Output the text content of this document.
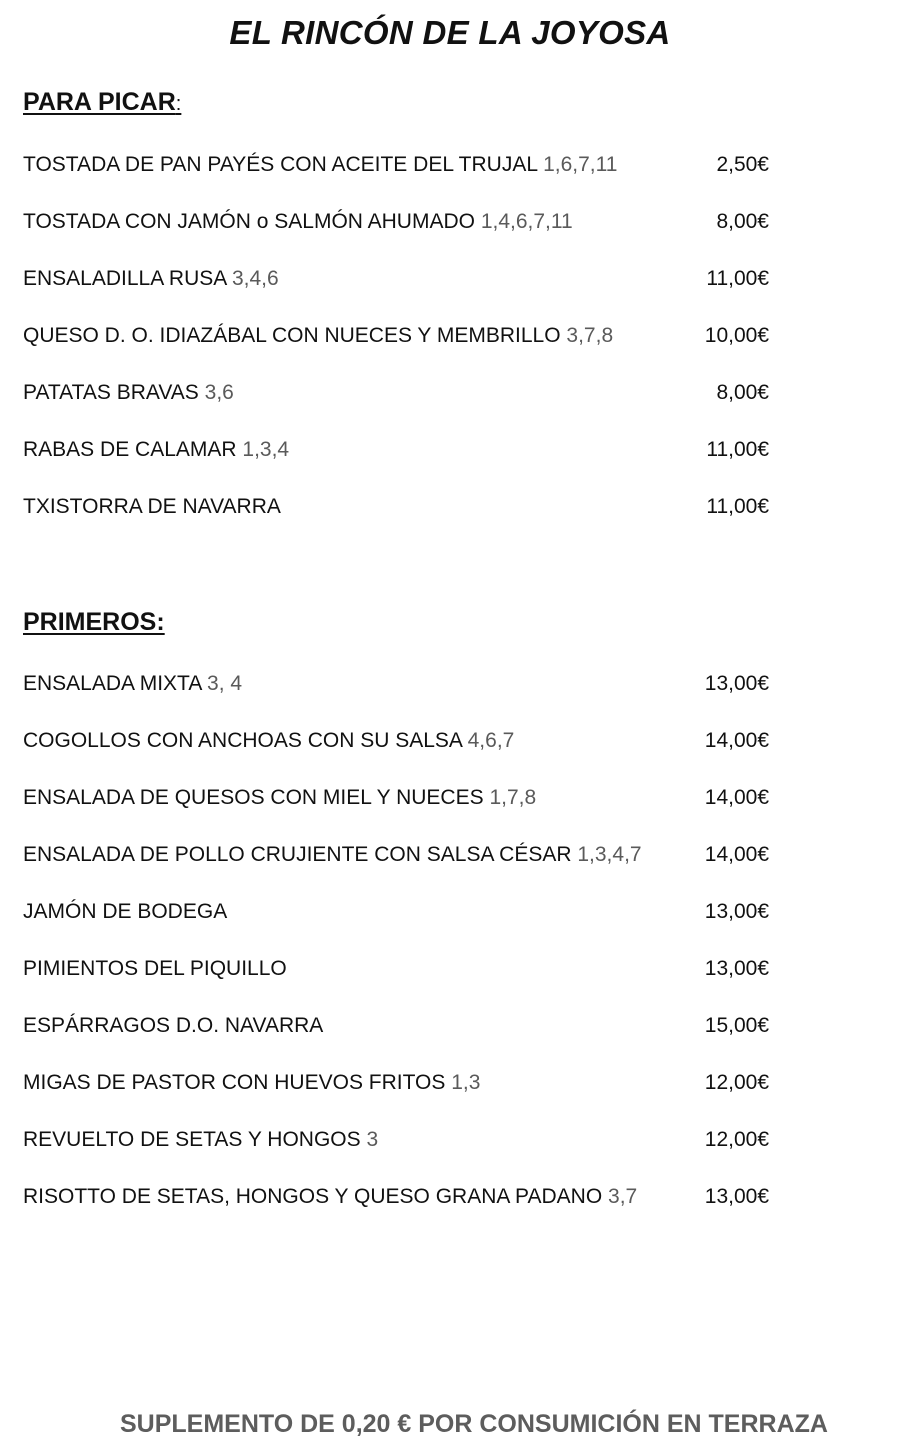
EL RINCÓN DE LA JOYOSA
PARA PICAR:
TOSTADA DE PAN PAYÉS CON ACEITE DEL TRUJAL 1,6,7,11	2,50€
TOSTADA CON JAMÓN o SALMÓN AHUMADO 1,4,6,7,11	8,00€
ENSALADILLA RUSA 3,4,6	11,00€
QUESO D. O. IDIAZÁBAL CON NUECES Y MEMBRILLO 3,7,8	10,00€
PATATAS BRAVAS 3,6	8,00€
RABAS DE CALAMAR 1,3,4	11,00€
TXISTORRA DE NAVARRA	11,00€
PRIMEROS:
ENSALADA MIXTA 3, 4	13,00€
COGOLLOS CON ANCHOAS CON SU SALSA 4,6,7	14,00€
ENSALADA DE QUESOS CON MIEL Y NUECES 1,7,8	14,00€
ENSALADA DE POLLO CRUJIENTE CON SALSA CÉSAR 1,3,4,7	14,00€
JAMÓN DE BODEGA	13,00€
PIMIENTOS DEL PIQUILLO	13,00€
ESPÁRRAGOS D.O. NAVARRA	15,00€
MIGAS DE PASTOR CON HUEVOS FRITOS 1,3	12,00€
REVUELTO DE SETAS Y HONGOS 3	12,00€
RISOTTO DE SETAS, HONGOS Y QUESO GRANA PADANO 3,7	13,00€
SUPLEMENTO DE 0,20 € POR CONSUMICIÓN EN TERRAZA
